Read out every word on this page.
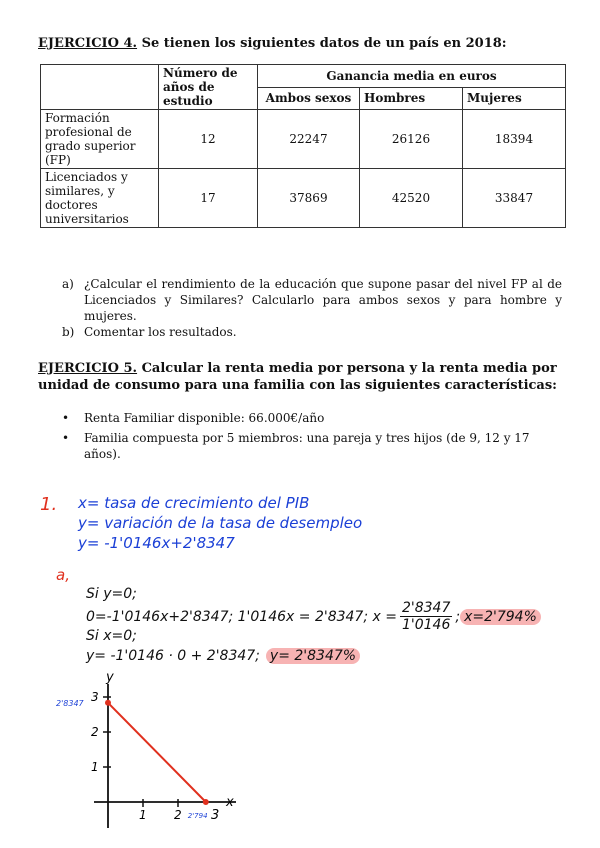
EJERCICIO 4. Se tienen los siguientes datos de un país en 2018:
	Número de años de estudio	Ganancia media en euros		
		Ambos sexos	Hombres	Mujeres
Formación profesional de grado superior (FP)	12	22247	26126	18394
Licenciados y similares, y doctores universitarios	17	37869	42520	33847
a) ¿Calcular el rendimiento de la educación que supone pasar del nivel FP al de Licenciados y Similares? Calcularlo para ambos sexos y para hombre y mujeres.
b) Comentar los resultados.
EJERCICIO 5. Calcular la renta media por persona y la renta media por unidad de consumo para una familia con las siguientes características:
•	Renta Familiar disponible: 66.000€/año
•	Familia compuesta por 5 miembros: una pareja y tres hijos (de 9, 12 y 17 años).
1. x= tasa de crecimiento del PIB
y= variación de la tasa de desempleo
y= -1'0146x+2'8347
a,
Si y=0;
0=-1'0146x+2'8347; 1'0146x = 2'8347; $x = \frac{2'8347}{1'0146}$ ; x=2'794%
Si x=0;
y= -1'0146 · 0 + 2'8347; y= 2'8347%
y
x
1
2
3
1 2
2'8347
2'794 3
